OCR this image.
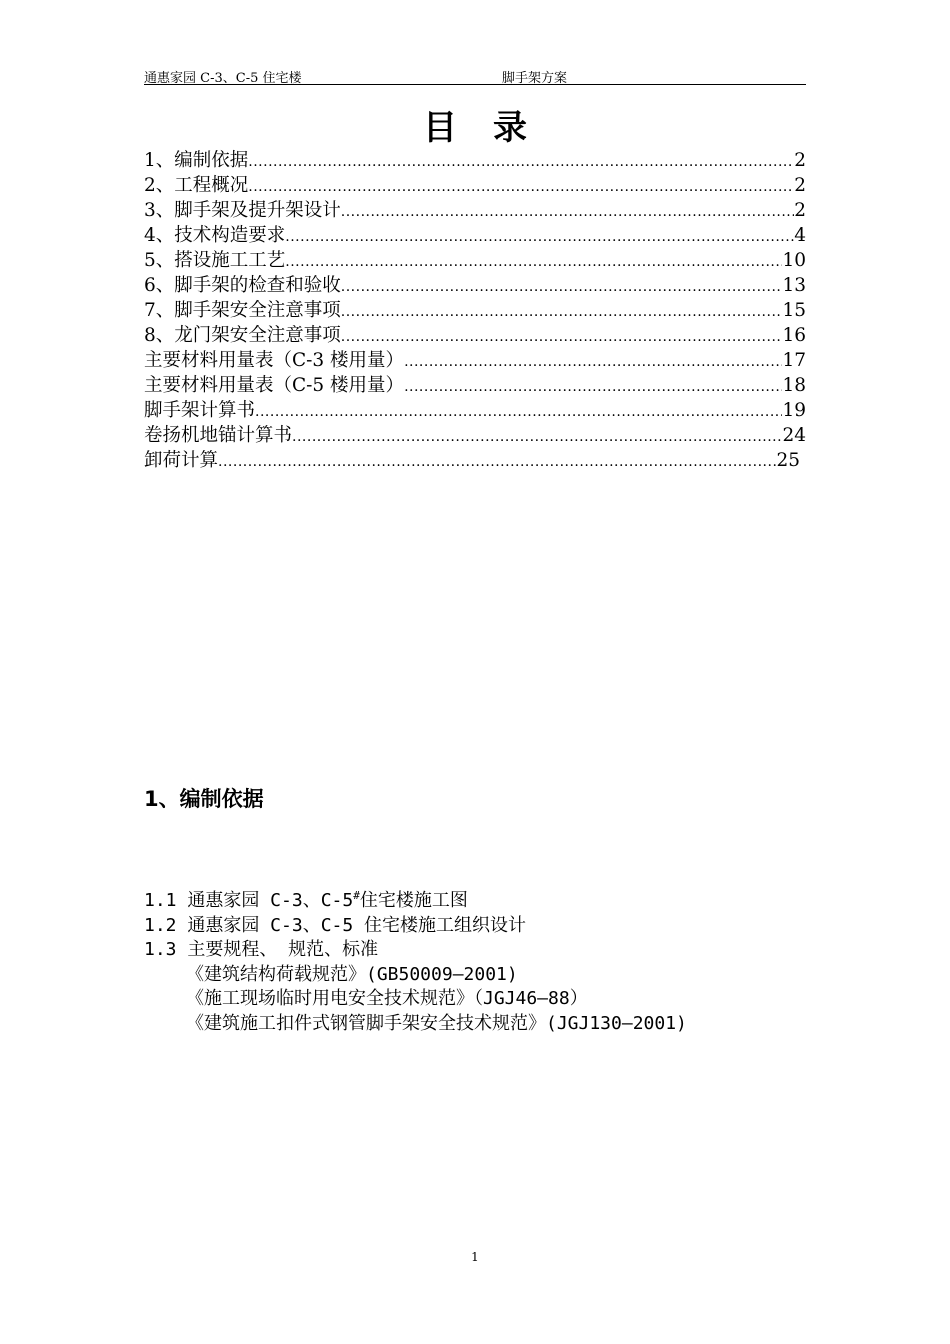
通惠家园 C-3、C-5 住宅楼	脚手架方案
目录
1、编制依据 .....	2
2、工程概况 .....	2
3、脚手架及提升架设计 .....	2
4、技术构造要求 .....	4
5、搭设施工工艺 .....	10
6、脚手架的检查和验收 .....	13
7、脚手架安全注意事项 .....	15
8、龙门架安全注意事项 .....	16
主要材料用量表（C-3 楼用量） .....	17
主要材料用量表（C-5 楼用量） .....	18
脚手架计算书 .....	19
卷扬机地锚计算书 .....	24
卸荷计算 .....	25
1、编制依据
1.1 通惠家园 C-3、C-5#住宅楼施工图
1.2 通惠家园 C-3、C-5 住宅楼施工组织设计
1.3 主要规程、 规范、标准
《建筑结构荷载规范》(GB50009—2001)
《施工现场临时用电安全技术规范》（JGJ46—88）
《建筑施工扣件式钢管脚手架安全技术规范》(JGJ130—2001)
1
